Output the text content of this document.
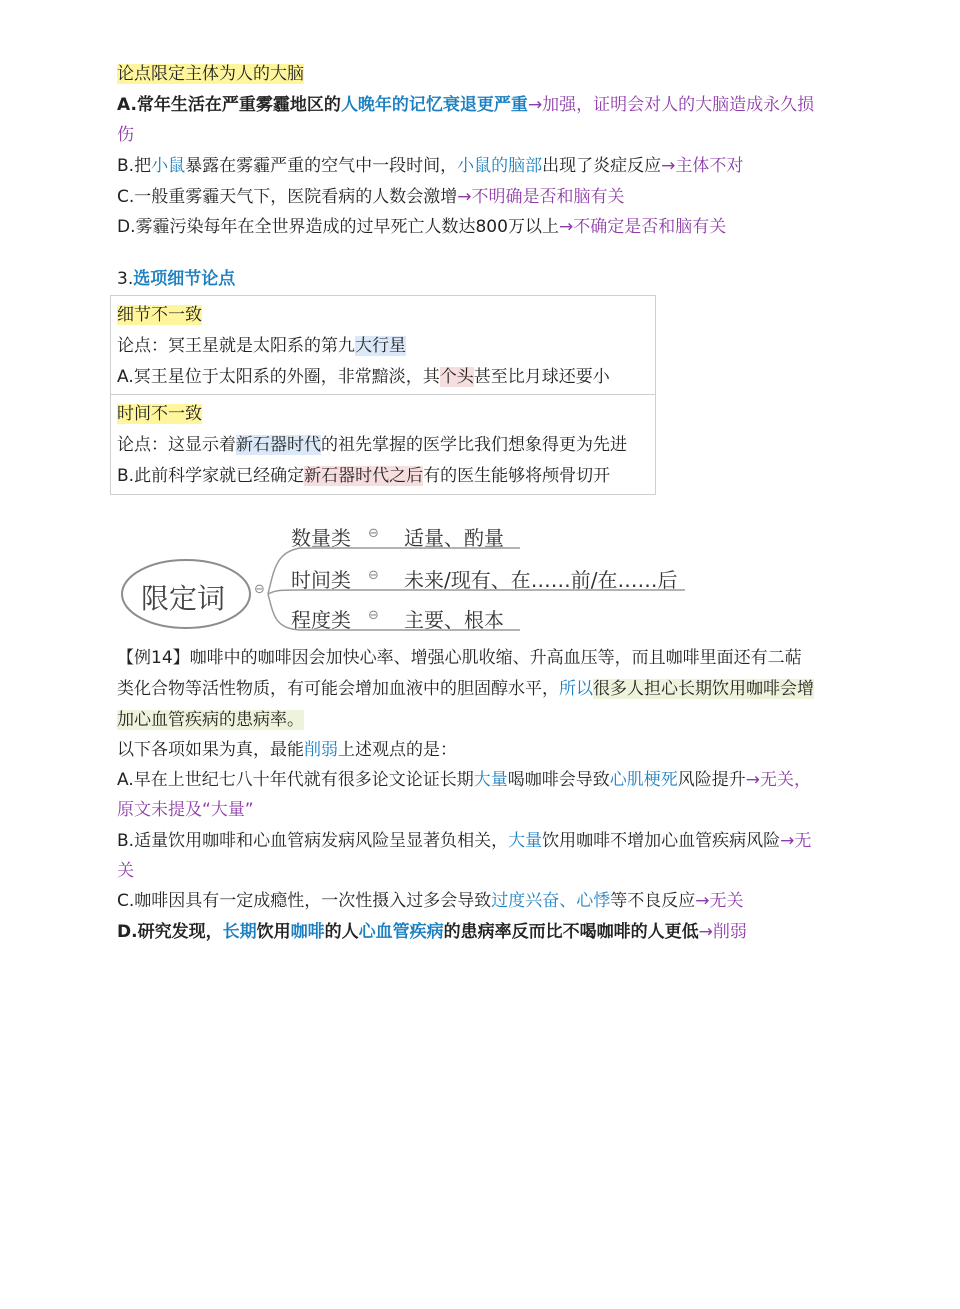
论点限定主体为人的大脑
A.常年生活在严重雾霾地区的人晚年的记忆衰退更严重→加强，证明会对人的大脑造成永久损
伤
B.把小鼠暴露在雾霾严重的空气中一段时间，小鼠的脑部出现了炎症反应→主体不对
C.一般重雾霾天气下，医院看病的人数会激增→不明确是否和脑有关
D.雾霾污染每年在全世界造成的过早死亡人数达800万以上→不确定是否和脑有关
3.选项细节论点
细节不一致
论点：冥王星就是太阳系的第九大行星
A.冥王星位于太阳系的外圈，非常黯淡，其个头甚至比月球还要小
时间不一致
论点：这显示着新石器时代的祖先掌握的医学比我们想象得更为先进
B.此前科学家就已经确定新石器时代之后有的医生能够将颅骨切开
限定词 ⊖
数量类 ⊖ 适量、酌量
时间类 ⊖ 未来/现有、在……前/在……后
程度类 ⊖ 主要、根本
【例14】咖啡中的咖啡因会加快心率、增强心肌收缩、升高血压等，而且咖啡里面还有二萜
类化合物等活性物质，有可能会增加血液中的胆固醇水平，所以很多人担心长期饮用咖啡会增
加心血管疾病的患病率。
以下各项如果为真，最能削弱上述观点的是：
A.早在上世纪七八十年代就有很多论文论证长期大量喝咖啡会导致心肌梗死风险提升→无关，
原文未提及“大量”
B.适量饮用咖啡和心血管病发病风险呈显著负相关，大量饮用咖啡不增加心血管疾病风险→无
关
C.咖啡因具有一定成瘾性，一次性摄入过多会导致过度兴奋、心悸等不良反应→无关
D.研究发现，长期饮用咖啡的人心血管疾病的患病率反而比不喝咖啡的人更低→削弱
